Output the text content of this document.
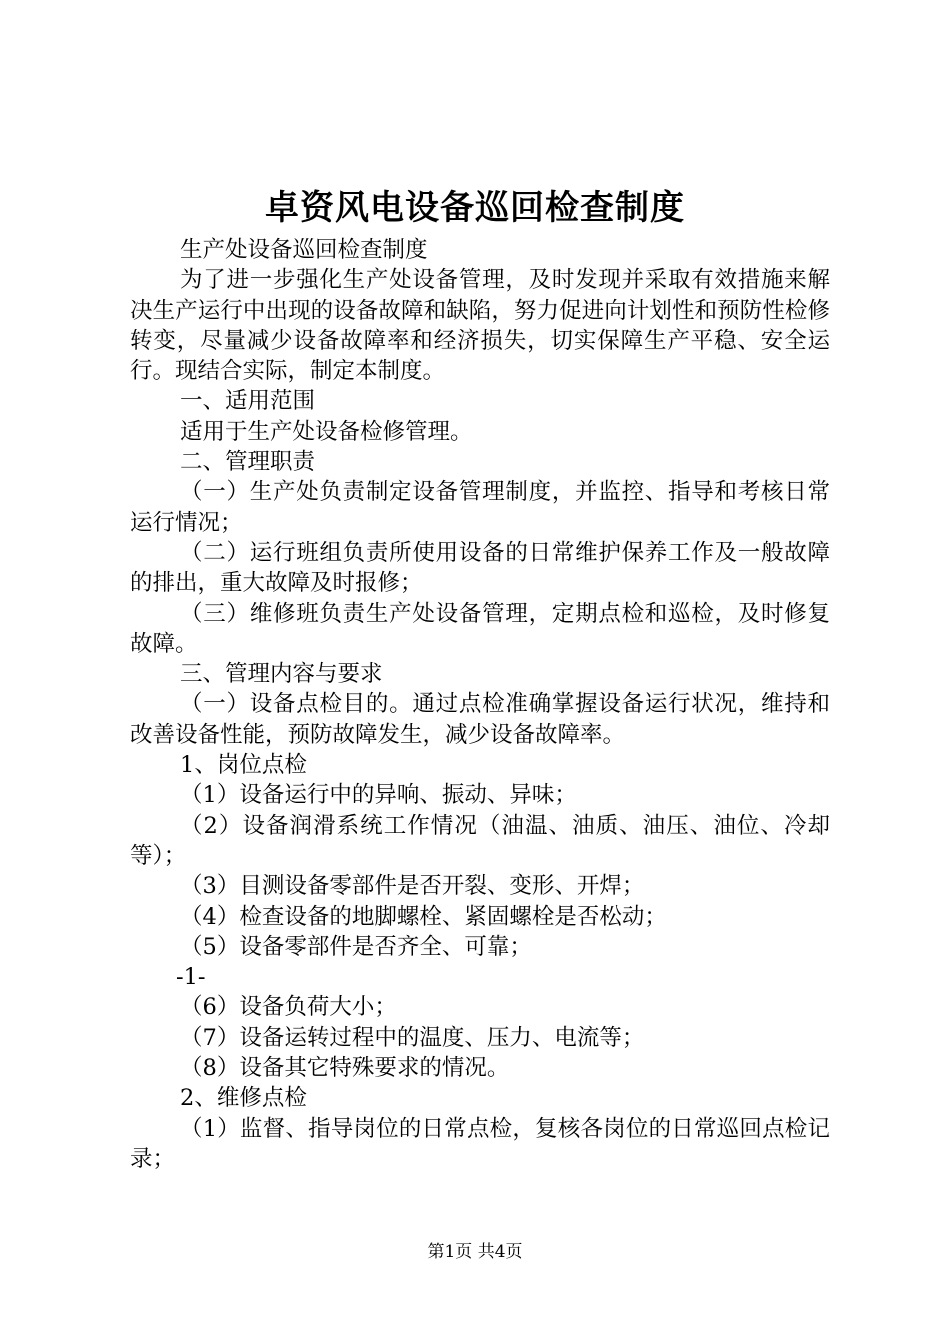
卓资风电设备巡回检查制度

生产处设备巡回检查制度

为了进一步强化生产处设备管理，及时发现并采取有效措施来解决生产运行中出现的设备故障和缺陷，努力促进向计划性和预防性检修转变，尽量减少设备故障率和经济损失，切实保障生产平稳、安全运行。现结合实际，制定本制度。

一、适用范围

适用于生产处设备检修管理。

二、管理职责

（一）生产处负责制定设备管理制度，并监控、指导和考核日常运行情况；

（二）运行班组负责所使用设备的日常维护保养工作及一般故障的排出，重大故障及时报修；

（三）维修班负责生产处设备管理，定期点检和巡检，及时修复故障。

三、管理内容与要求

（一）设备点检目的。通过点检准确掌握设备运行状况，维持和改善设备性能，预防故障发生，减少设备故障率。

1、岗位点检

（1）设备运行中的异响、振动、异味；

（2）设备润滑系统工作情况（油温、油质、油压、油位、冷却等）；

（3）目测设备零部件是否开裂、变形、开焊；

（4）检查设备的地脚螺栓、紧固螺栓是否松动；

（5）设备零部件是否齐全、可靠；

-1-

（6）设备负荷大小；

（7）设备运转过程中的温度、压力、电流等；

（8）设备其它特殊要求的情况。

2、维修点检

（1）监督、指导岗位的日常点检，复核各岗位的日常巡回点检记录；

第1页 共4页
